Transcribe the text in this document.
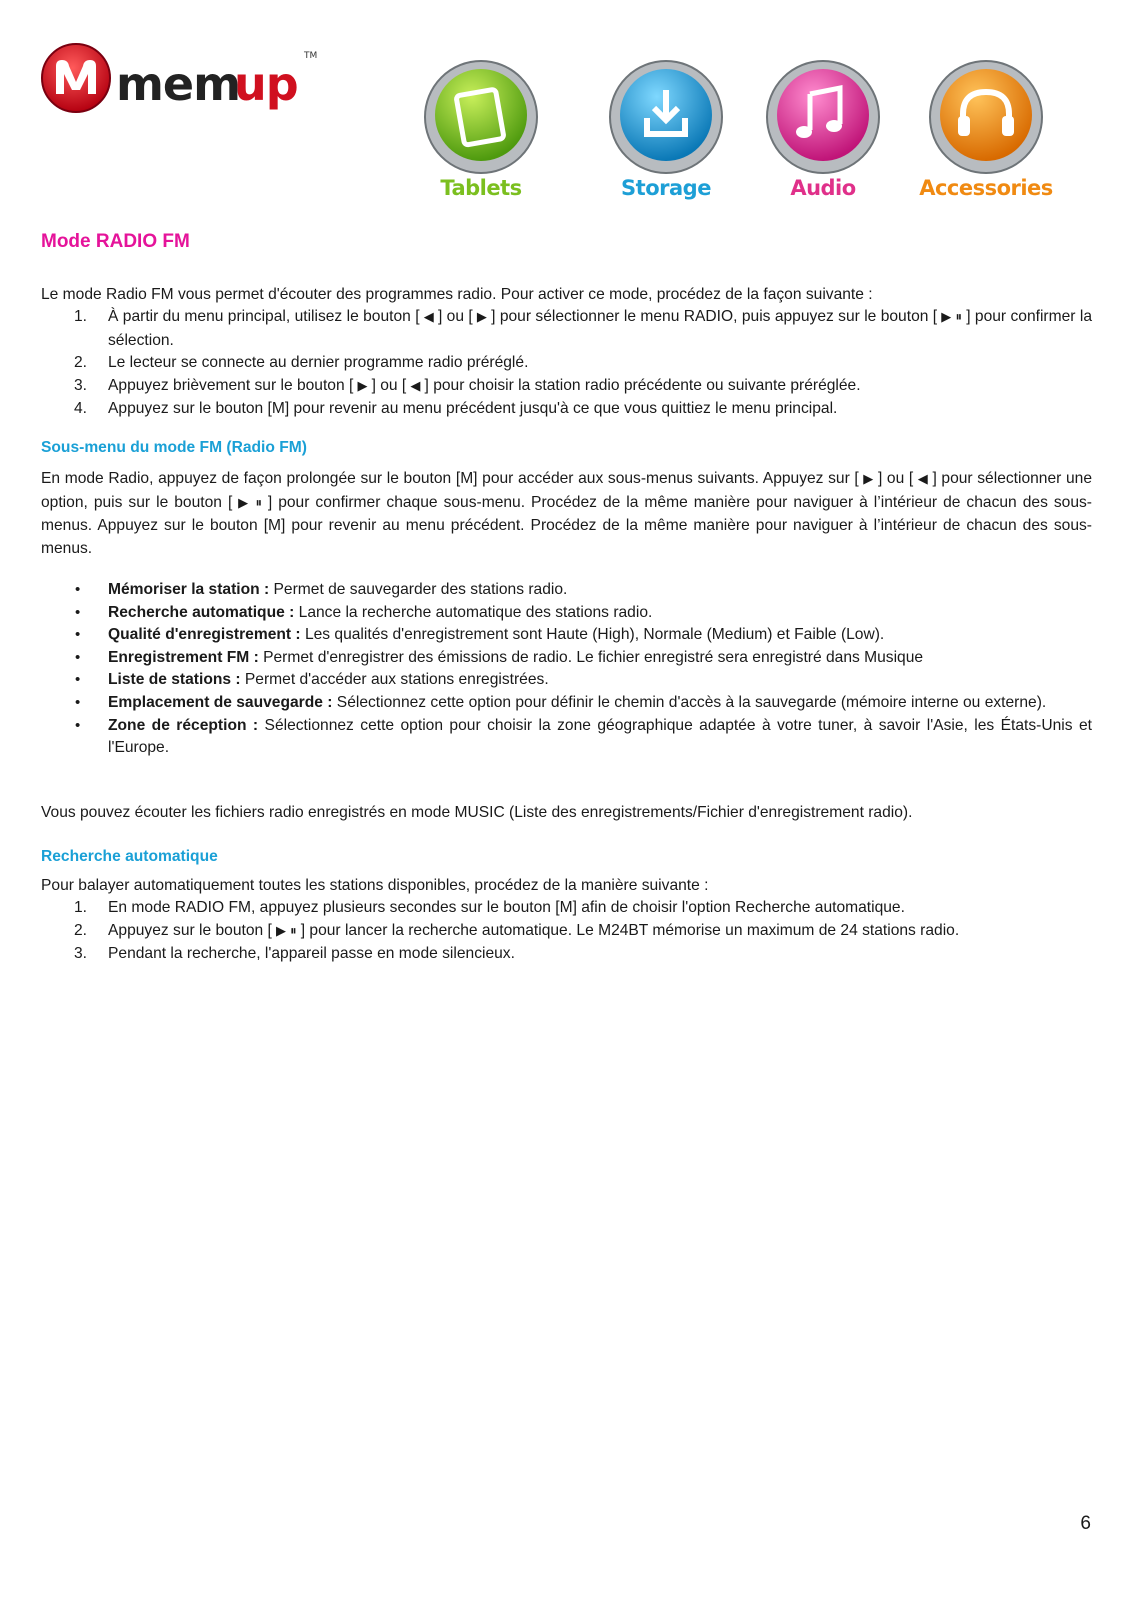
mem
up
TM
Tablets	Storage	Audio	Accessories
Mode RADIO FM
Le mode Radio FM vous permet d'écouter des programmes radio. Pour activer ce mode, procédez de la façon suivante :
1. À partir du menu principal, utilisez le bouton [ ◀ ] ou [ ▶ ] pour sélectionner le menu RADIO, puis appuyez sur le bouton [ ▶ ⏸ ] pour confirmer la sélection.
2. Le lecteur se connecte au dernier programme radio préréglé.
3. Appuyez brièvement sur le bouton [ ▶ ] ou [ ◀ ] pour choisir la station radio précédente ou suivante préréglée.
4. Appuyez sur le bouton [M] pour revenir au menu précédent jusqu'à ce que vous quittiez le menu principal.
Sous-menu du mode FM (Radio FM)
En mode Radio, appuyez de façon prolongée sur le bouton [M] pour accéder aux sous-menus suivants. Appuyez sur [ ▶ ] ou [ ◀ ] pour sélectionner une option, puis sur le bouton [ ▶ ⏸ ] pour confirmer chaque sous-menu. Procédez de la même manière pour naviguer à l’intérieur de chacun des sous-menus. Appuyez sur le bouton [M] pour revenir au menu précédent. Procédez de la même manière pour naviguer à l’intérieur de chacun des sous-menus.
• Mémoriser la station : Permet de sauvegarder des stations radio.
• Recherche automatique : Lance la recherche automatique des stations radio.
• Qualité d'enregistrement : Les qualités d'enregistrement sont Haute (High), Normale (Medium) et Faible (Low).
• Enregistrement FM : Permet d'enregistrer des émissions de radio. Le fichier enregistré sera enregistré dans Musique
• Liste de stations : Permet d'accéder aux stations enregistrées.
• Emplacement de sauvegarde : Sélectionnez cette option pour définir le chemin d'accès à la sauvegarde (mémoire interne ou externe).
• Zone de réception : Sélectionnez cette option pour choisir la zone géographique adaptée à votre tuner, à savoir l'Asie, les États-Unis et l'Europe.
Vous pouvez écouter les fichiers radio enregistrés en mode MUSIC (Liste des enregistrements/Fichier d'enregistrement radio).
Recherche automatique
Pour balayer automatiquement toutes les stations disponibles, procédez de la manière suivante :
1. En mode RADIO FM, appuyez plusieurs secondes sur le bouton [M] afin de choisir l'option Recherche automatique.
2. Appuyez sur le bouton [ ▶ ⏸ ] pour lancer la recherche automatique. Le M24BT mémorise un maximum de 24 stations radio.
3. Pendant la recherche, l'appareil passe en mode silencieux.
6
